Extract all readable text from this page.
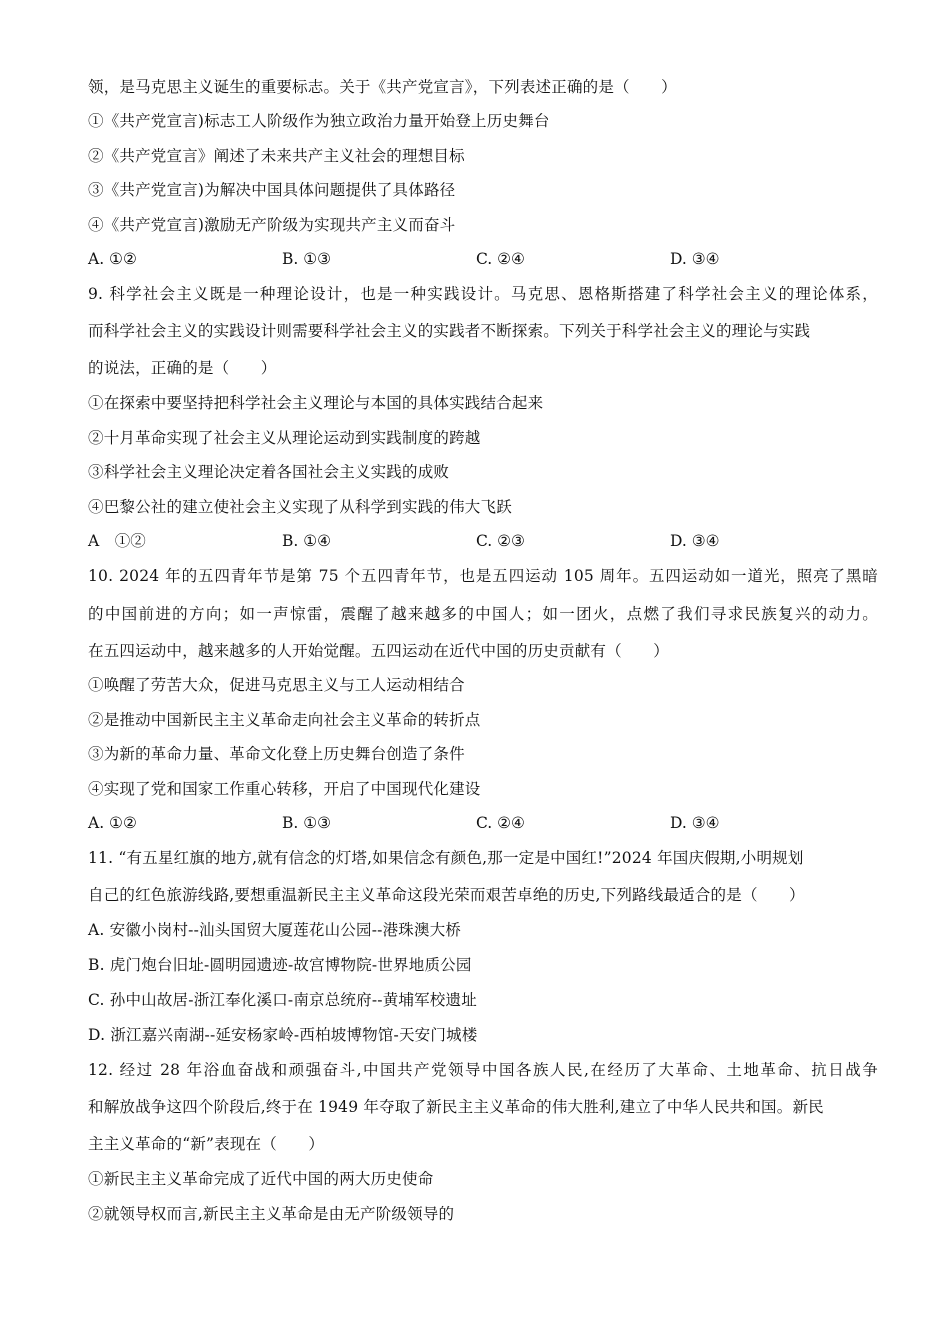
领，是马克思主义诞生的重要标志。关于《共产党宣言》，下列表述正确的是（　　）
①《共产党宣言)标志工人阶级作为独立政治力量开始登上历史舞台
②《共产党宣言》阐述了未来共产主义社会的理想目标
③《共产党宣言)为解决中国具体问题提供了具体路径
④《共产党宣言)激励无产阶级为实现共产主义而奋斗
A. ①②	B. ①③	C. ②④	D. ③④
9. 科学社会主义既是一种理论设计，也是一种实践设计。马克思、恩格斯搭建了科学社会主义的理论体系，
而科学社会主义的实践设计则需要科学社会主义的实践者不断探索。下列关于科学社会主义的理论与实践
的说法，正确的是（　　）
①在探索中要坚持把科学社会主义理论与本国的具体实践结合起来
②十月革命实现了社会主义从理论运动到实践制度的跨越
③科学社会主义理论决定着各国社会主义实践的成败
④巴黎公社的建立使社会主义实现了从科学到实践的伟大飞跃
A　①②	B. ①④	C. ②③	D. ③④
10. 2024 年的五四青年节是第 75 个五四青年节，也是五四运动 105 周年。五四运动如一道光，照亮了黑暗
的中国前进的方向；如一声惊雷，震醒了越来越多的中国人；如一团火，点燃了我们寻求民族复兴的动力。
在五四运动中，越来越多的人开始觉醒。五四运动在近代中国的历史贡献有（　　）
①唤醒了劳苦大众，促进马克思主义与工人运动相结合
②是推动中国新民主主义革命走向社会主义革命的转折点
③为新的革命力量、革命文化登上历史舞台创造了条件
④实现了党和国家工作重心转移，开启了中国现代化建设
A. ①②	B. ①③	C. ②④	D. ③④
11. “有五星红旗的地方,就有信念的灯塔,如果信念有颜色,那一定是中国红!”2024 年国庆假期,小明规划
自己的红色旅游线路,要想重温新民主主义革命这段光荣而艰苦卓绝的历史,下列路线最适合的是（　　）
A. 安徽小岗村--汕头国贸大厦莲花山公园--港珠澳大桥
B. 虎门炮台旧址-圆明园遗迹-故宫博物院-世界地质公园
C. 孙中山故居-浙江奉化溪口-南京总统府--黄埔军校遗址
D. 浙江嘉兴南湖--延安杨家岭-西柏坡博物馆-天安门城楼
12. 经过 28 年浴血奋战和顽强奋斗,中国共产党领导中国各族人民,在经历了大革命、土地革命、抗日战争
和解放战争这四个阶段后,终于在 1949 年夺取了新民主主义革命的伟大胜利,建立了中华人民共和国。新民
主主义革命的“新”表现在（　　）
①新民主主义革命完成了近代中国的两大历史使命
②就领导权而言,新民主主义革命是由无产阶级领导的
